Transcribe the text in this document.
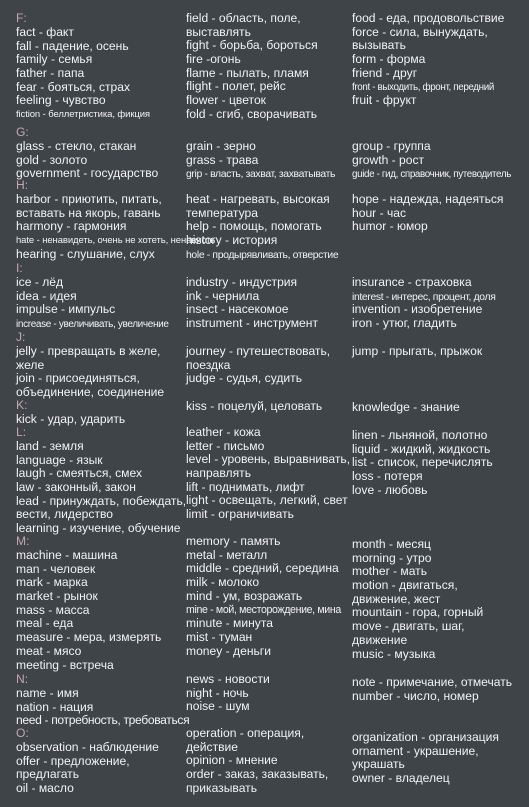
F:
fact - факт
fall - падение, осень
family - семья
father - папа
fear - бояться, страх
feeling - чувство
fiction - беллетристика, фикция
glass - стекло, стакан
gold - золото
government - государство
harbor - приютить, питать,
вставать на якорь, гавань
harmony - гармония
hate - ненавидеть, очень не хотеть, ненависть
hearing - слушание, слух
ice - лёд
idea - идея
impulse - импульс
increase - увеличивать, увеличение
jelly - превращать в желе,
желе
join - присоединяться,
объединение, соединение
kick - удар, ударить
land - земля
language - язык
laugh - смеяться, смех
law - законный, закон
lead - принуждать, побеждать,
вести, лидерство
learning - изучение, обучение
machine - машина
man - человек
mark - марка
market - рынок
mass - масса
meal - еда
measure - мера, измерять
meat - мясо
meeting - встреча
name - имя
nation - нация
need - потребность, требоваться
observation - наблюдение
offer - предложение,
предлагать
oil - масло
G:
H:
I:
J:
K:
L:
M:
N:
O:
field - область, поле,
выставлять
fight - борьба, бороться
fire -огонь
flame - пылать, пламя
flight - полет, рейс
flower - цветок
fold - сгиб, сворачивать
grain - зерно
grass - трава
grip - власть, захват, захватывать
heat - нагревать, высокая
температура
help - помощь, помогать
history - история
hole - продырявливать, отверстие
industry - индустрия
ink - чернила
insect - насекомое
instrument - инструмент
journey - путешествовать,
поездка
judge - судья, судить
kiss - поцелуй, целовать
leather - кожа
letter - письмо
level - уровень, выравнивать,
направлять
lift - поднимать, лифт
light - освещать, легкий, свет
limit - ограничивать
memory - память
metal - металл
middle - средний, середина
milk - молоко
mind - ум, возражать
mine - мой, месторождение, мина
minute - минута
mist - туман
money - деньги
news - новости
night - ночь
noise - шум
operation - операция,
действие
opinion - мнение
order - заказ, заказывать,
приказывать
food - еда, продовольствие
force - сила, вынуждать,
вызывать
form - форма
friend - друг
front - выходить, фронт, передний
fruit - фрукт
group - группа
growth - рост
guide - гид, справочник, путеводитель
hope - надежда, надеяться
hour - час
humor - юмор
insurance - страховка
interest - интерес, процент, доля
invention - изобретение
iron - утюг, гладить
jump - прыгать, прыжок
knowledge - знание
linen - льняной, полотно
liquid - жидкий, жидкость
list - список, перечислять
loss - потеря
love - любовь
month - месяц
morning - утро
mother - мать
motion - двигаться,
движение, жест
mountain - гора, горный
move - двигать, шаг,
движение
music - музыка
note - примечание, отмечать
number - число, номер
organization - организация
ornament - украшение,
украшать
owner - владелец
